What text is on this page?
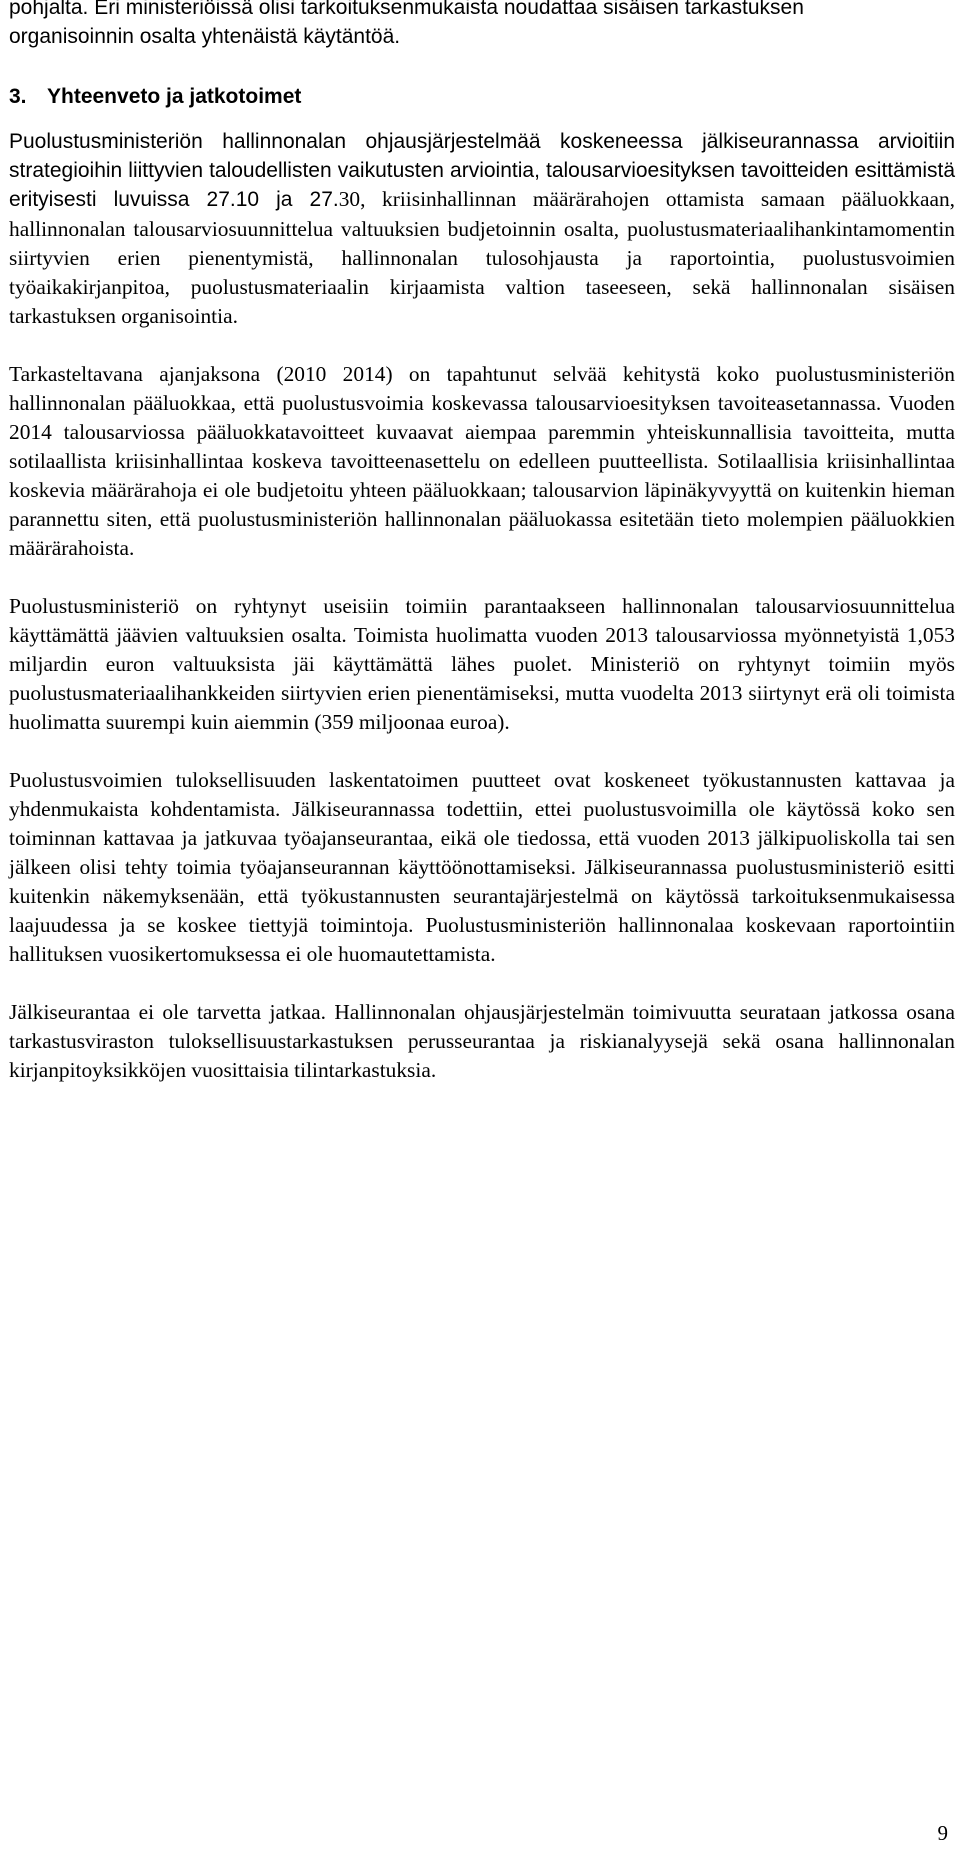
pohjalta. Eri ministeriöissä olisi tarkoituksenmukaista noudattaa sisäisen tarkastuksen
organisoinnin osalta yhtenäistä käytäntöä.

3. Yhteenveto ja jatkotoimet

Puolustusministeriön hallinnonalan ohjausjärjestelmää koskeneessa jälkiseurannassa arvioitiin strategioihin liittyvien taloudellisten vaikutusten arviointia, talousarvioesityksen tavoitteiden esittämistä erityisesti luvuissa 27.10 ja 27.30, kriisinhallinnan määrärahojen ottamista samaan pääluokkaan, hallinnonalan talousarviosuunnittelua valtuuksien budjetoinnin osalta, puolustusmateriaalihankintamomentin siirtyvien erien pienentymistä, hallinnonalan tulosohjausta ja raportointia, puolustusvoimien työaikakirjanpitoa, puolustusmateriaalin kirjaamista valtion taseeseen, sekä hallinnonalan sisäisen tarkastuksen organisointia.

Tarkasteltavana ajanjaksona (2010 2014) on tapahtunut selvää kehitystä koko puolustusministeriön hallinnonalan pääluokkaa, että puolustusvoimia koskevassa talousarvioesityksen tavoiteasetannassa. Vuoden 2014 talousarviossa pääluokkatavoitteet kuvaavat aiempaa paremmin yhteiskunnallisia tavoitteita, mutta sotilaallista kriisinhallintaa koskeva tavoitteenasettelu on edelleen puutteellista. Sotilaallisia kriisinhallintaa koskevia määrärahoja ei ole budjetoitu yhteen pääluokkaan; talousarvion läpinäkyvyyttä on kuitenkin hieman parannettu siten, että puolustusministeriön hallinnonalan pääluokassa esitetään tieto molempien pääluokkien määrärahoista.

Puolustusministeriö on ryhtynyt useisiin toimiin parantaakseen hallinnonalan talousarviosuunnittelua käyttämättä jäävien valtuuksien osalta. Toimista huolimatta vuoden 2013 talousarviossa myönnetyistä 1,053 miljardin euron valtuuksista jäi käyttämättä lähes puolet. Ministeriö on ryhtynyt toimiin myös puolustusmateriaalihankkeiden siirtyvien erien pienentämiseksi, mutta vuodelta 2013 siirtynyt erä oli toimista huolimatta suurempi kuin aiemmin (359 miljoonaa euroa).

Puolustusvoimien tuloksellisuuden laskentatoimen puutteet ovat koskeneet työkustannusten kattavaa ja yhdenmukaista kohdentamista. Jälkiseurannassa todettiin, ettei puolustusvoimilla ole käytössä koko sen toiminnan kattavaa ja jatkuvaa työajanseurantaa, eikä ole tiedossa, että vuoden 2013 jälkipuoliskolla tai sen jälkeen olisi tehty toimia työajanseurannan käyttöönottamiseksi. Jälkiseurannassa puolustusministeriö esitti kuitenkin näkemyksenään, että työkustannusten seurantajärjestelmä on käytössä tarkoituksenmukaisessa laajuudessa ja se koskee tiettyjä toimintoja. Puolustusministeriön hallinnonalaa koskevaan raportointiin hallituksen vuosikertomuksessa ei ole huomautettamista.

Jälkiseurantaa ei ole tarvetta jatkaa. Hallinnonalan ohjausjärjestelmän toimivuutta seurataan jatkossa osana tarkastusviraston tuloksellisuustarkastuksen perusseurantaa ja riskianalyysejä sekä osana hallinnonalan kirjanpitoyksikköjen vuosittaisia tilintarkastuksia.

9
